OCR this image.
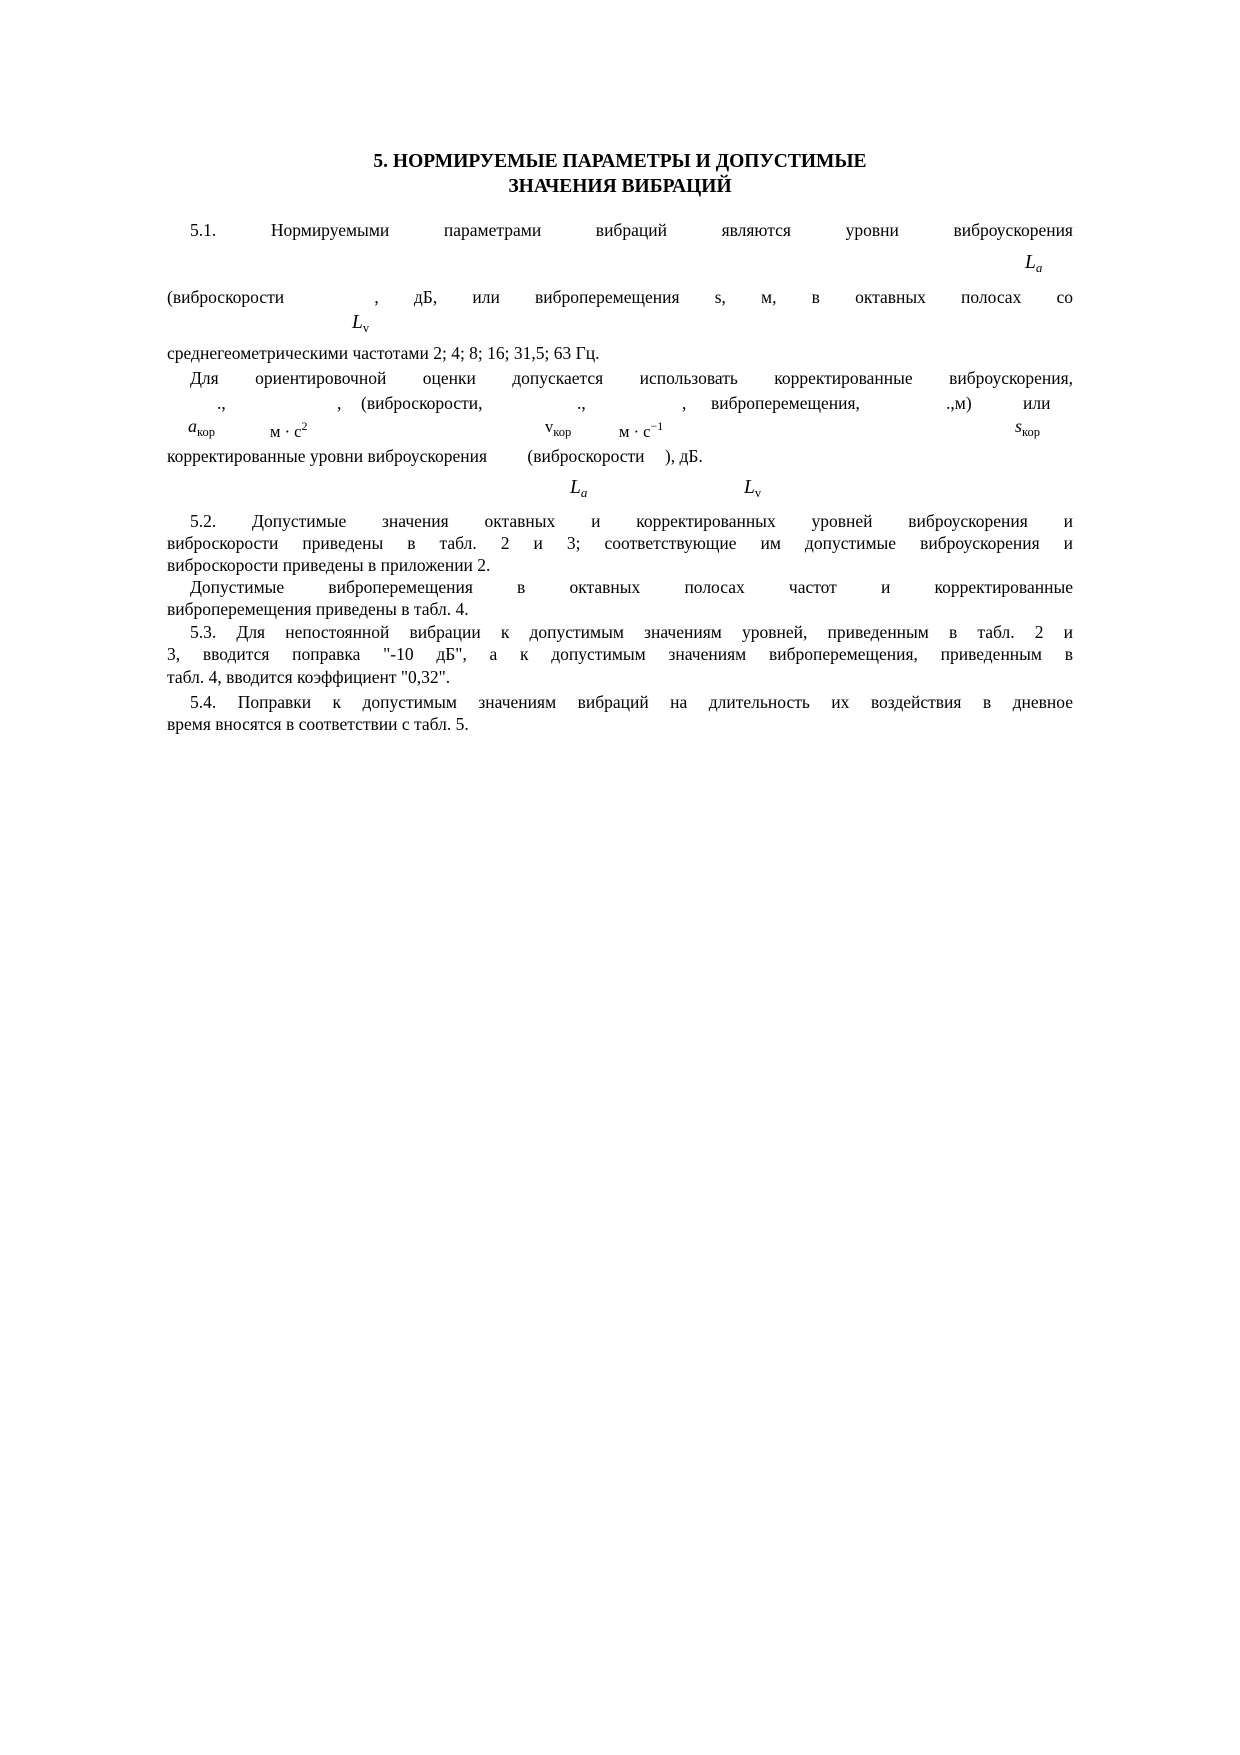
5. НОРМИРУЕМЫЕ ПАРАМЕТРЫ И ДОПУСТИМЫЕ
ЗНАЧЕНИЯ ВИБРАЦИЙ
5.1. Нормируемыми параметрами вибраций являются уровни виброускорения
$L_a$
(виброскорости	, дБ, или виброперемещения s, м, в октавных полосах со
$L_v$
среднегеометрическими частотами 2; 4; 8; 16; 31,5; 63 Гц.
Для ориентировочной оценки допускается использовать корректированные виброускорения,
.,	, (виброскорости,	.,	, виброперемещения,	.,м)	или
$а_{кор}$	$м \cdot с^2$	$v_{кор}$	$м \cdot с^{-1}$	$s_{кор}$
корректированные уровни виброускорения (виброскорости ), дБ.
$L_a$	$L_v$
5.2. Допустимые значения октавных и корректированных уровней виброускорения и
виброскорости приведены в табл. 2 и 3; соответствующие им допустимые виброускорения и
виброскорости приведены в приложении 2.
Допустимые виброперемещения в октавных полосах частот и корректированные
виброперемещения приведены в табл. 4.
5.3. Для непостоянной вибрации к допустимым значениям уровней, приведенным в табл. 2 и
3, вводится поправка "-10 дБ", а к допустимым значениям виброперемещения, приведенным в
табл. 4, вводится коэффициент "0,32".
5.4. Поправки к допустимым значениям вибраций на длительность их воздействия в дневное
время вносятся в соответствии с табл. 5.
